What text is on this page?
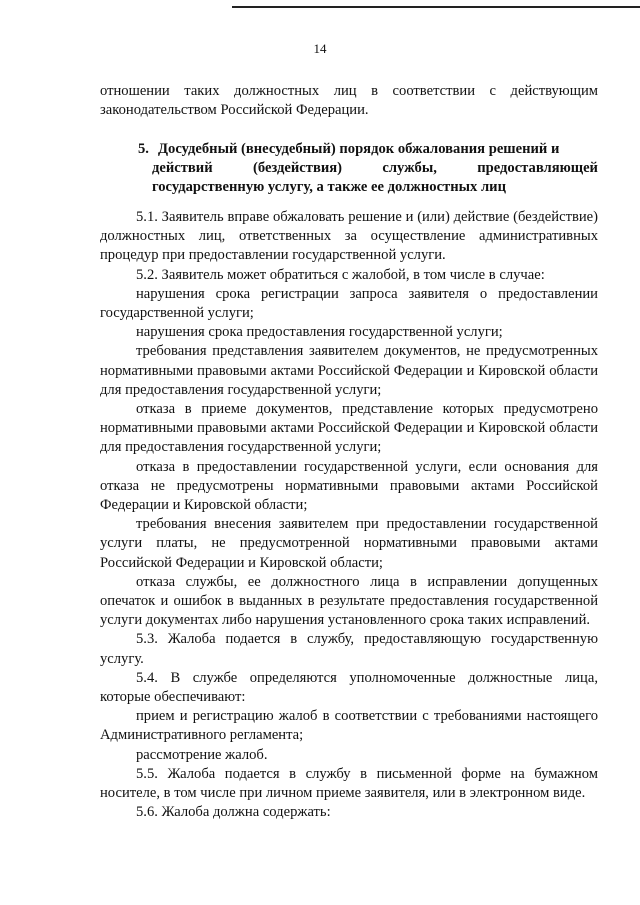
14

отношении таких должностных лиц в соответствии с действующим

законодательством Российской Федерации.

5. Досудебный (внесудебный) порядок обжалования решений и

действий	(бездействия)	службы,	предоставляющей

государственную услугу, а также ее должностных лиц

5.1. Заявитель вправе обжаловать решение и (или) действие (бездействие) должностных лиц, ответственных за осуществление административных процедур при предоставлении государственной услуги.

5.2. Заявитель может обратиться с жалобой, в том числе в случае:

нарушения срока регистрации запроса заявителя о предоставлении государственной услуги;

нарушения срока предоставления государственной услуги;

требования представления заявителем документов, не предусмотренных нормативными правовыми актами Российской Федерации и Кировской области для предоставления государственной услуги;

отказа в приеме документов, представление которых предусмотрено нормативными правовыми актами Российской Федерации и Кировской области для предоставления государственной услуги;

отказа в предоставлении государственной услуги, если основания для отказа не предусмотрены нормативными правовыми актами Российской Федерации и Кировской области;

требования внесения заявителем при предоставлении государственной услуги платы, не предусмотренной нормативными правовыми актами Российской Федерации и Кировской области;

отказа службы, ее должностного лица в исправлении допущенных опечаток и ошибок в выданных в результате предоставления государственной услуги документах либо нарушения установленного срока таких исправлений.

5.3. Жалоба подается в службу, предоставляющую государственную услугу.

5.4. В службе определяются уполномоченные должностные лица, которые обеспечивают:

прием и регистрацию жалоб в соответствии с требованиями настоящего Административного регламента;

рассмотрение жалоб.

5.5. Жалоба подается в службу в письменной форме на бумажном носителе, в том числе при личном приеме заявителя, или в электронном виде.

5.6. Жалоба должна содержать:
